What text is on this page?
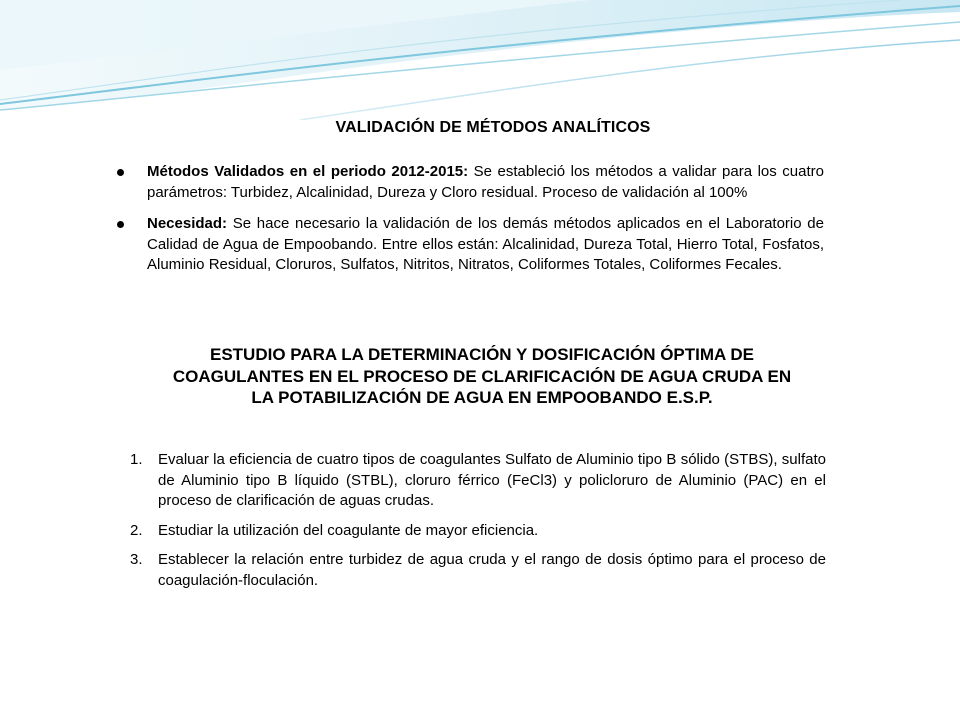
VALIDACIÓN DE MÉTODOS ANALÍTICOS
Métodos Validados en el periodo 2012-2015: Se estableció los métodos a validar para los cuatro parámetros: Turbidez, Alcalinidad, Dureza y Cloro residual. Proceso de validación al 100%
Necesidad: Se hace necesario la validación de los demás métodos aplicados en el Laboratorio de Calidad de Agua de Empoobando. Entre ellos están: Alcalinidad, Dureza Total, Hierro Total, Fosfatos, Aluminio Residual, Cloruros, Sulfatos, Nitritos, Nitratos, Coliformes Totales, Coliformes Fecales.
ESTUDIO PARA LA DETERMINACIÓN Y DOSIFICACIÓN ÓPTIMA DE
COAGULANTES EN EL PROCESO DE CLARIFICACIÓN DE AGUA CRUDA EN
LA POTABILIZACIÓN DE AGUA EN EMPOOBANDO E.S.P.
1. Evaluar la eficiencia de cuatro tipos de coagulantes Sulfato de Aluminio tipo B sólido (STBS), sulfato de Aluminio tipo B líquido (STBL), cloruro férrico (FeCl3) y policloruro de Aluminio (PAC) en el proceso de clarificación de aguas crudas.
2. Estudiar la utilización del coagulante de mayor eficiencia.
3. Establecer la relación entre turbidez de agua cruda y el rango de dosis óptimo para el proceso de coagulación-floculación.
